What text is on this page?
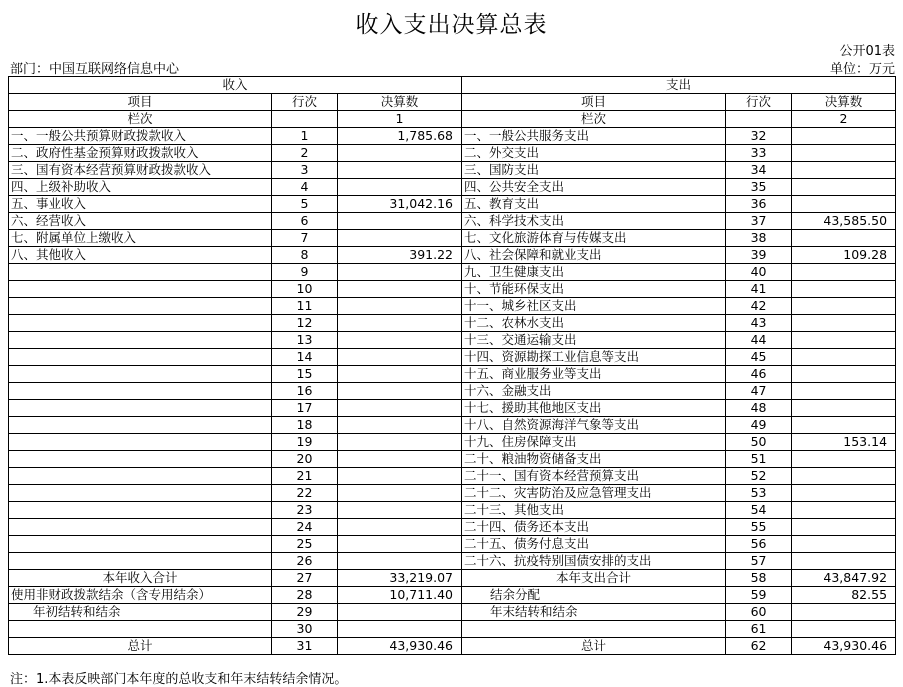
收入支出决算总表
公开01表
部门：中国互联网络信息中心	单位：万元
收入			支出		
项目	行次	决算数	项目	行次	决算数
栏次		1	栏次		2
一、一般公共预算财政拨款收入	1	1,785.68	一、一般公共服务支出	32	
二、政府性基金预算财政拨款收入	2		二、外交支出	33	
三、国有资本经营预算财政拨款收入	3		三、国防支出	34	
四、上级补助收入	4		四、公共安全支出	35	
五、事业收入	5	31,042.16	五、教育支出	36	
六、经营收入	6		六、科学技术支出	37	43,585.50
七、附属单位上缴收入	7		七、文化旅游体育与传媒支出	38	
八、其他收入	8	391.22	八、社会保障和就业支出	39	109.28
	9		九、卫生健康支出	40	
	10		十、节能环保支出	41	
	11		十一、城乡社区支出	42	
	12		十二、农林水支出	43	
	13		十三、交通运输支出	44	
	14		十四、资源勘探工业信息等支出	45	
	15		十五、商业服务业等支出	46	
	16		十六、金融支出	47	
	17		十七、援助其他地区支出	48	
	18		十八、自然资源海洋气象等支出	49	
	19		十九、住房保障支出	50	153.14
	20		二十、粮油物资储备支出	51	
	21		二十一、国有资本经营预算支出	52	
	22		二十二、灾害防治及应急管理支出	53	
	23		二十三、其他支出	54	
	24		二十四、债务还本支出	55	
	25		二十五、债务付息支出	56	
	26		二十六、抗疫特别国债安排的支出	57	
本年收入合计	27	33,219.07	本年支出合计	58	43,847.92
使用非财政拨款结余（含专用结余）	28	10,711.40	结余分配	59	82.55
年初结转和结余	29		年末结转和结余	60	
	30			61	
总计	31	43,930.46	总计	62	43,930.46
注：1.本表反映部门本年度的总收支和年末结转结余情况。
